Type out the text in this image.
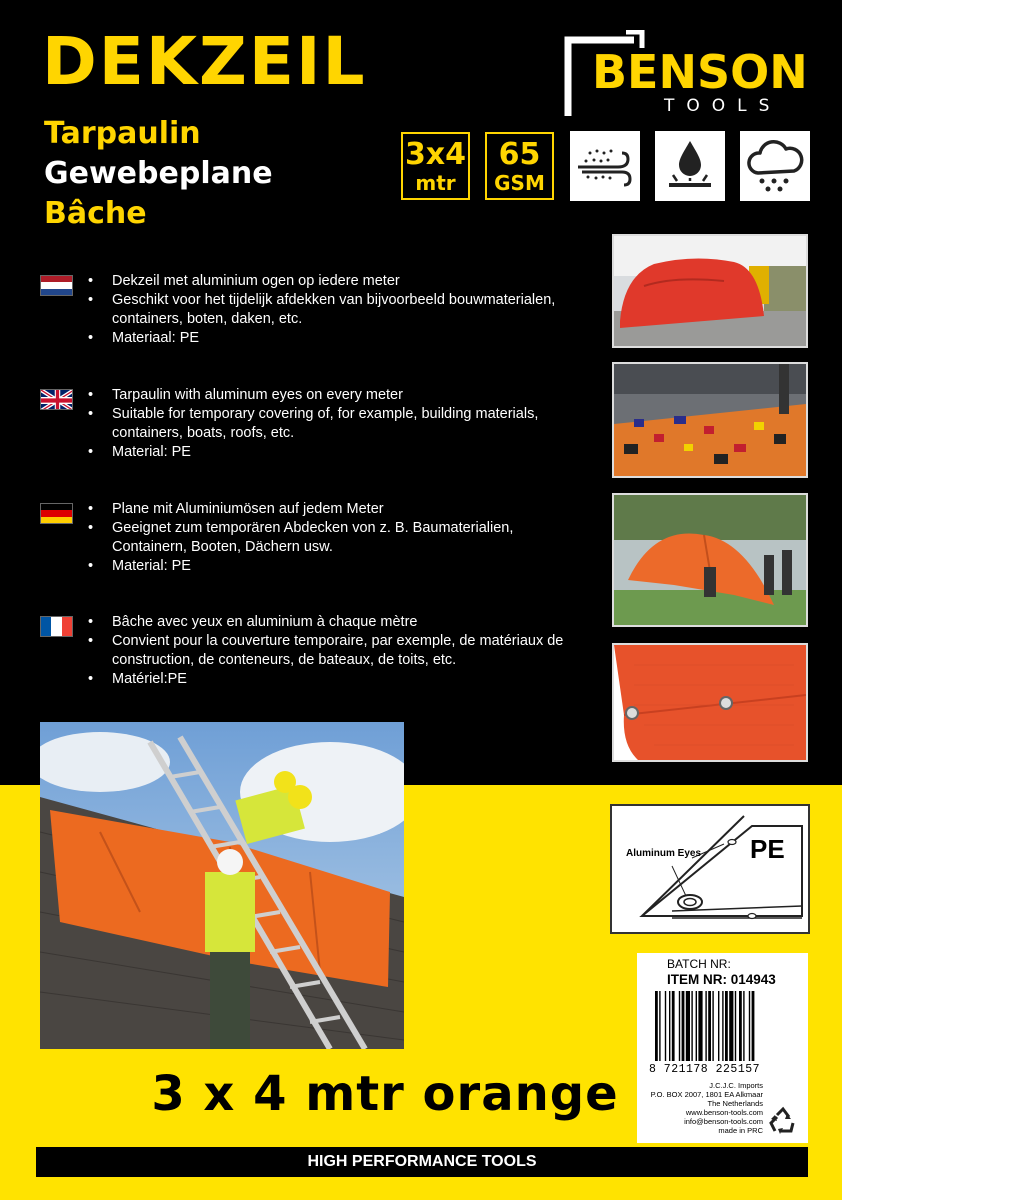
DEKZEIL
Tarpaulin
Gewebeplane
Bâche
BENSON
TOOLS
3x4
mtr
65
GSM
• Dekzeil met aluminium ogen op iedere meter
• Geschikt voor het tijdelijk afdekken van bijvoorbeeld bouwmaterialen, containers, boten, daken, etc.
• Materiaal: PE
• Tarpaulin with aluminum eyes on every meter
• Suitable for temporary covering of, for example, building materials, containers, boats, roofs, etc.
• Material: PE
• Plane mit Aluminiumösen auf jedem Meter
• Geeignet zum temporären Abdecken von z. B. Baumaterialien, Containern, Booten, Dächern usw.
• Material: PE
• Bâche avec yeux en aluminium à chaque mètre
• Convient pour la couverture temporaire, par exemple, de matériaux de construction, de conteneurs, de bateaux, de toits, etc.
• Matériel:PE
Aluminum Eyes PE
BATCH NR:
ITEM NR: 014943
8 721178 225157
J.C.J.C. Imports
P.O. BOX 2007, 1801 EA Alkmaar
The Netherlands
www.benson-tools.com
info@benson-tools.com
made in PRC
3 x 4 mtr orange
HIGH PERFORMANCE TOOLS
